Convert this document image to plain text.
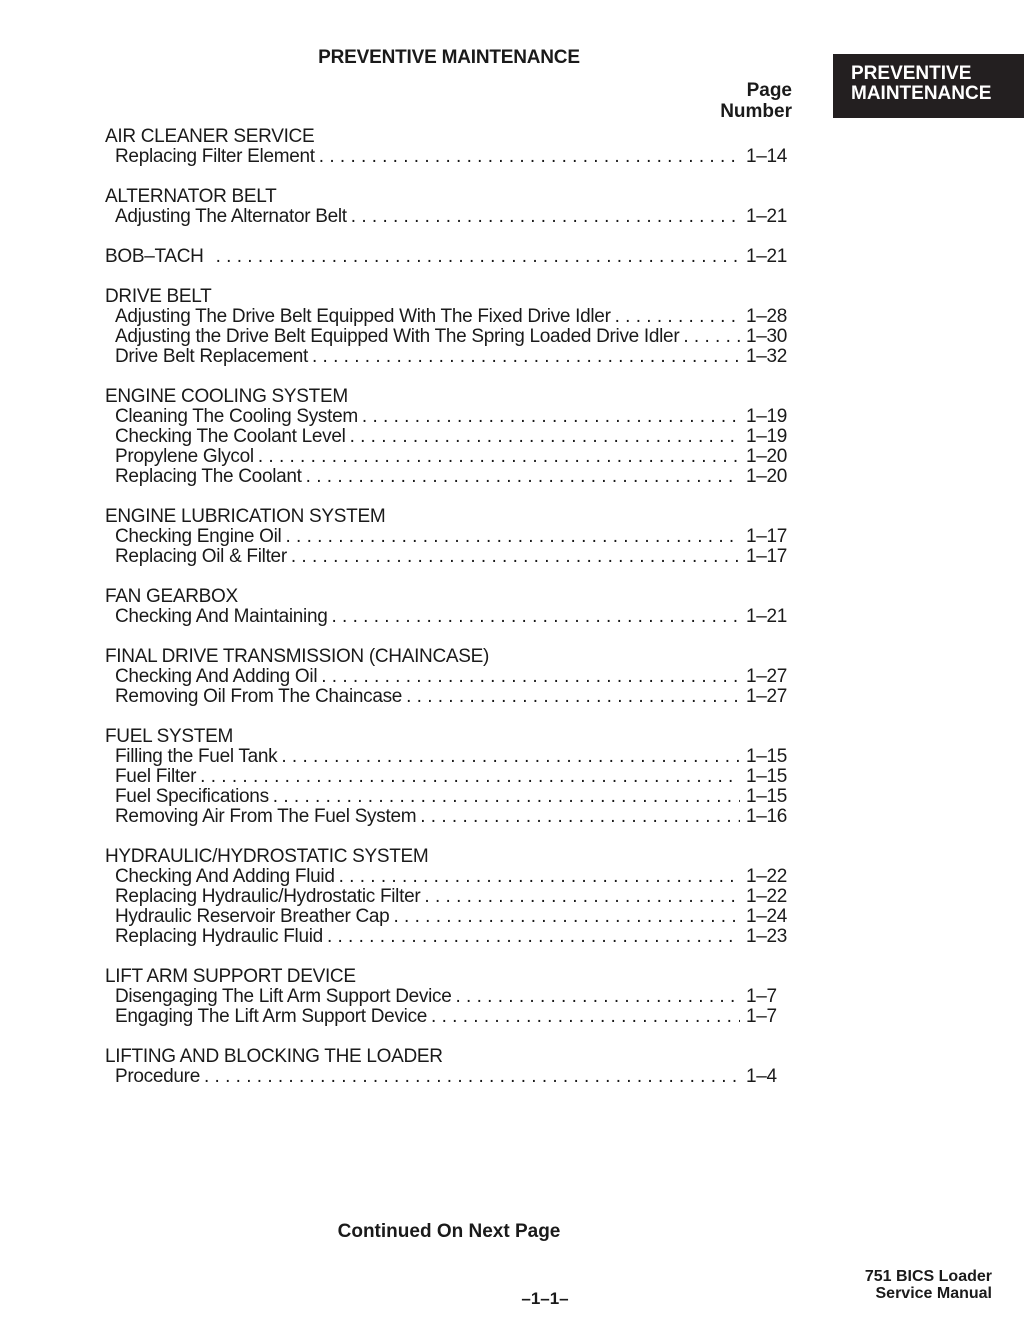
PREVENTIVE MAINTENANCE
PREVENTIVE
MAINTENANCE
Page
Number
AIR CLEANER SERVICE
Replacing Filter Element . . .	1–14
ALTERNATOR BELT
Adjusting The Alternator Belt . . .	1–21
BOB–TACH . . .	1–21
DRIVE BELT
Adjusting The Drive Belt Equipped With The Fixed Drive Idler . . .	1–28
Adjusting the Drive Belt Equipped With The Spring Loaded Drive Idler . . .	1–30
Drive Belt Replacement . . .	1–32
ENGINE COOLING SYSTEM
Cleaning The Cooling System . . .	1–19
Checking The Coolant Level . . .	1–19
Propylene Glycol . . .	1–20
Replacing The Coolant . . .	1–20
ENGINE LUBRICATION SYSTEM
Checking Engine Oil . . .	1–17
Replacing Oil & Filter . . .	1–17
FAN GEARBOX
Checking And Maintaining . . .	1–21
FINAL DRIVE TRANSMISSION (CHAINCASE)
Checking And Adding Oil . . .	1–27
Removing Oil From The Chaincase . . .	1–27
FUEL SYSTEM
Filling the Fuel Tank . . .	1–15
Fuel Filter . . .	1–15
Fuel Specifications . . .	1–15
Removing Air From The Fuel System . . .	1–16
HYDRAULIC/HYDROSTATIC SYSTEM
Checking And Adding Fluid . . .	1–22
Replacing Hydraulic/Hydrostatic Filter . . .	1–22
Hydraulic Reservoir Breather Cap . . .	1–24
Replacing Hydraulic Fluid . . .	1–23
LIFT ARM SUPPORT DEVICE
Disengaging The Lift Arm Support Device . . .	1–7
Engaging The Lift Arm Support Device . . .	1–7
LIFTING AND BLOCKING THE LOADER
Procedure . . .	1–4
Continued On Next Page
–1–1–
751 BICS Loader
Service Manual
